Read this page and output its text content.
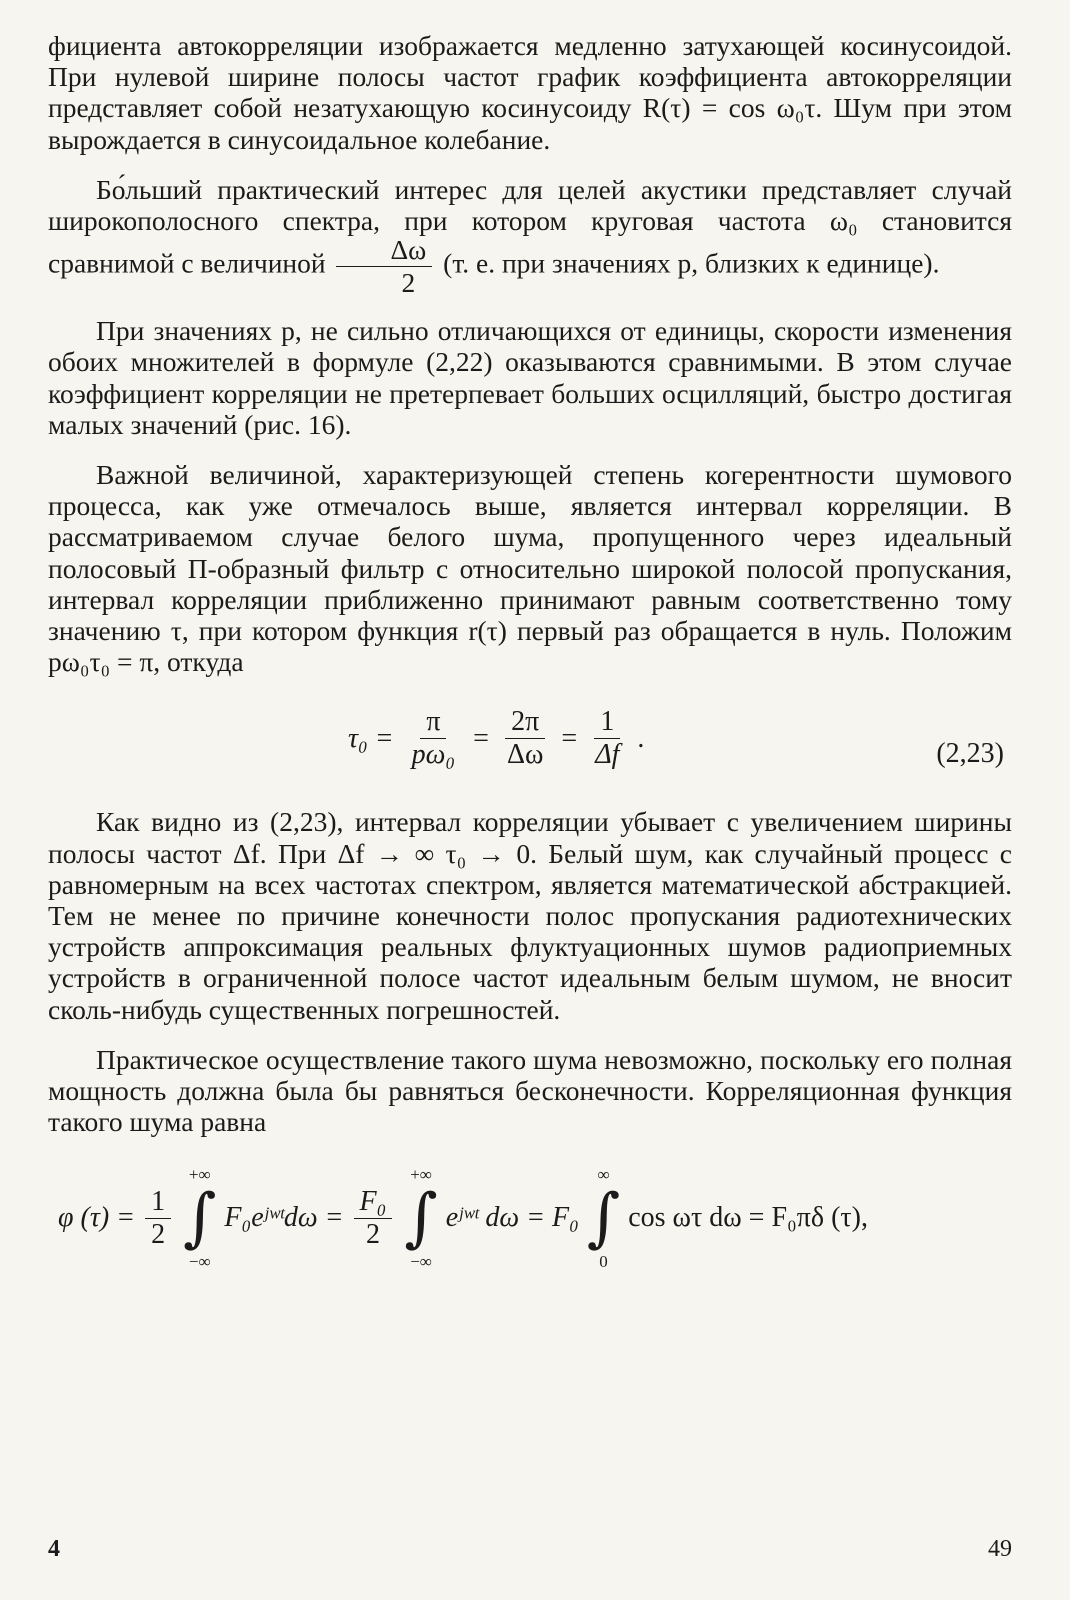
фициента автокорреляции изображается медленно затухающей косинусоидой. При нулевой ширине полосы частот график коэффициента автокорреляции представляет собой незатухающую косинусоиду R(τ) = cos ω₀τ. Шум при этом вырождается в синусоидальное колебание.

Бо́льший практический интерес для целей акустики представляет случай широкополосного спектра, при котором круговая частота ω₀ становится сравнимой с величиной $\frac{\Delta\omega}{2} (т$. е. при значениях p, близких к единице).

При значениях p, не сильно отличающихся от единицы, скорости изменения обоих множителей в формуле (2,22) оказываются сравнимыми. В этом случае коэффициент корреляции не претерпевает больших осцилляций, быстро достигая малых значений (рис. 16).

Важной величиной, характеризующей степень когерентности шумового процесса, как уже отмечалось выше, является интервал корреляции. В рассматриваемом случае белого шума, пропущенного через идеальный полосовый П-образный фильтр с относительно широкой полосой пропускания, интервал корреляции приближенно принимают равным соответственно тому значению τ, при котором функция r(τ) первый раз обращается в нуль. Положим pω₀τ₀ = π, откуда

$\tau_0 = \frac{\pi}{\text{pω₀}} = \frac{2\pi}{\Delta\omega} = \frac{1}{\Delta f}$ .	(2,23)

Как видно из (2,23), интервал корреляции убывает с увеличением ширины полосы частот Δf. При Δf → ∞ τ₀ → 0. Белый шум, как случайный процесс с равномерным на всех частотах спектром, является математической абстракцией. Тем не менее по причине конечности полос пропускания радиотехнических устройств аппроксимация реальных флуктуационных шумов радиоприемных устройств в ограниченной полосе частот идеальным белым шумом, не вносит сколь-нибудь существенных погрешностей.

Практическое осуществление такого шума невозможно, поскольку его полная мощность должна была бы равняться бесконечности. Корреляционная функция такого шума равна

φ $(\tau) = \frac{1}{2}$
+∞
∫
−∞
F₀eʲʷᵗdω = $\frac{\text{F₀}}{2}$
+∞
∫
−∞
eʲʷᵗ dω = F₀
∞
∫
0
cos ωτ dω = F₀πδ (τ),
4	49
